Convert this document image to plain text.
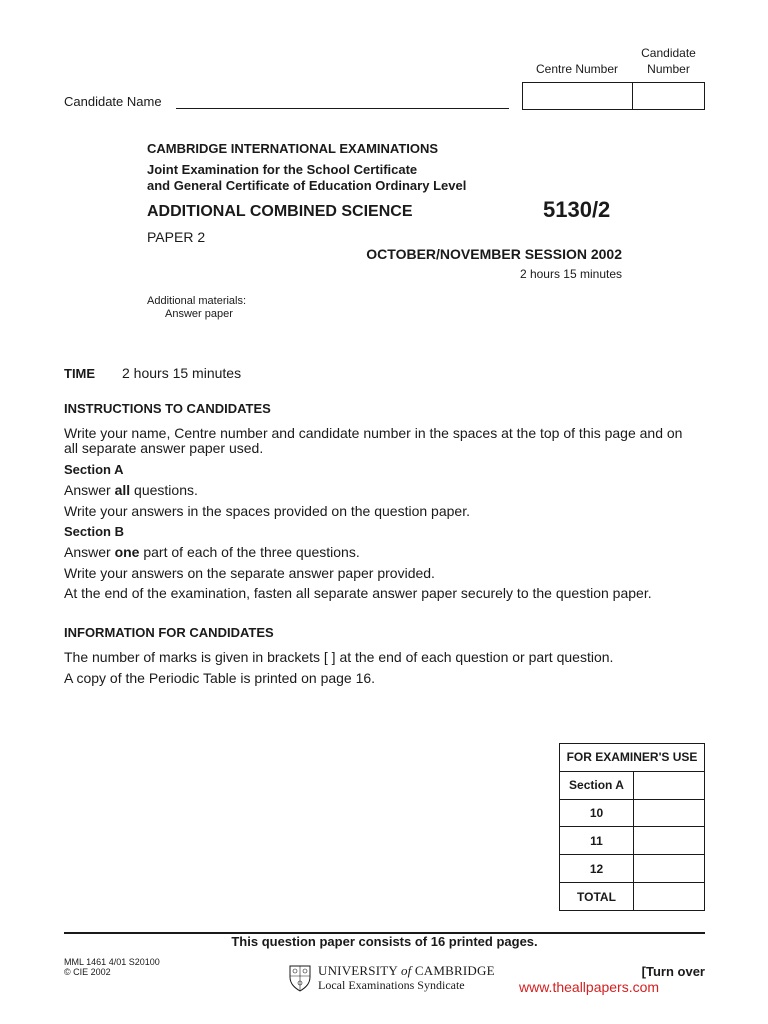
Centre Number
Candidate
Number
Candidate Name
CAMBRIDGE INTERNATIONAL EXAMINATIONS
Joint Examination for the School Certificate
and General Certificate of Education Ordinary Level
ADDITIONAL COMBINED SCIENCE	5130/2
PAPER 2
OCTOBER/NOVEMBER SESSION 2002
2 hours 15 minutes
Additional materials:
Answer paper
TIME 2 hours 15 minutes
INSTRUCTIONS TO CANDIDATES
Write your name, Centre number and candidate number in the spaces at the top of this page and on
all separate answer paper used.
Section A
Answer all questions.
Write your answers in the spaces provided on the question paper.
Section B
Answer one part of each of the three questions.
Write your answers on the separate answer paper provided.
At the end of the examination, fasten all separate answer paper securely to the question paper.
INFORMATION FOR CANDIDATES
The number of marks is given in brackets [ ] at the end of each question or part question.
A copy of the Periodic Table is printed on page 16.
FOR EXAMINER'S USE	
Section A	
10	
11	
12	
TOTAL	
This question paper consists of 16 printed pages.
MML 1461 4/01 S20100
© CIE 2002	UNIVERSITY of CAMBRIDGE
Local Examinations Syndicate
[Turn over
www.theallpapers.com
